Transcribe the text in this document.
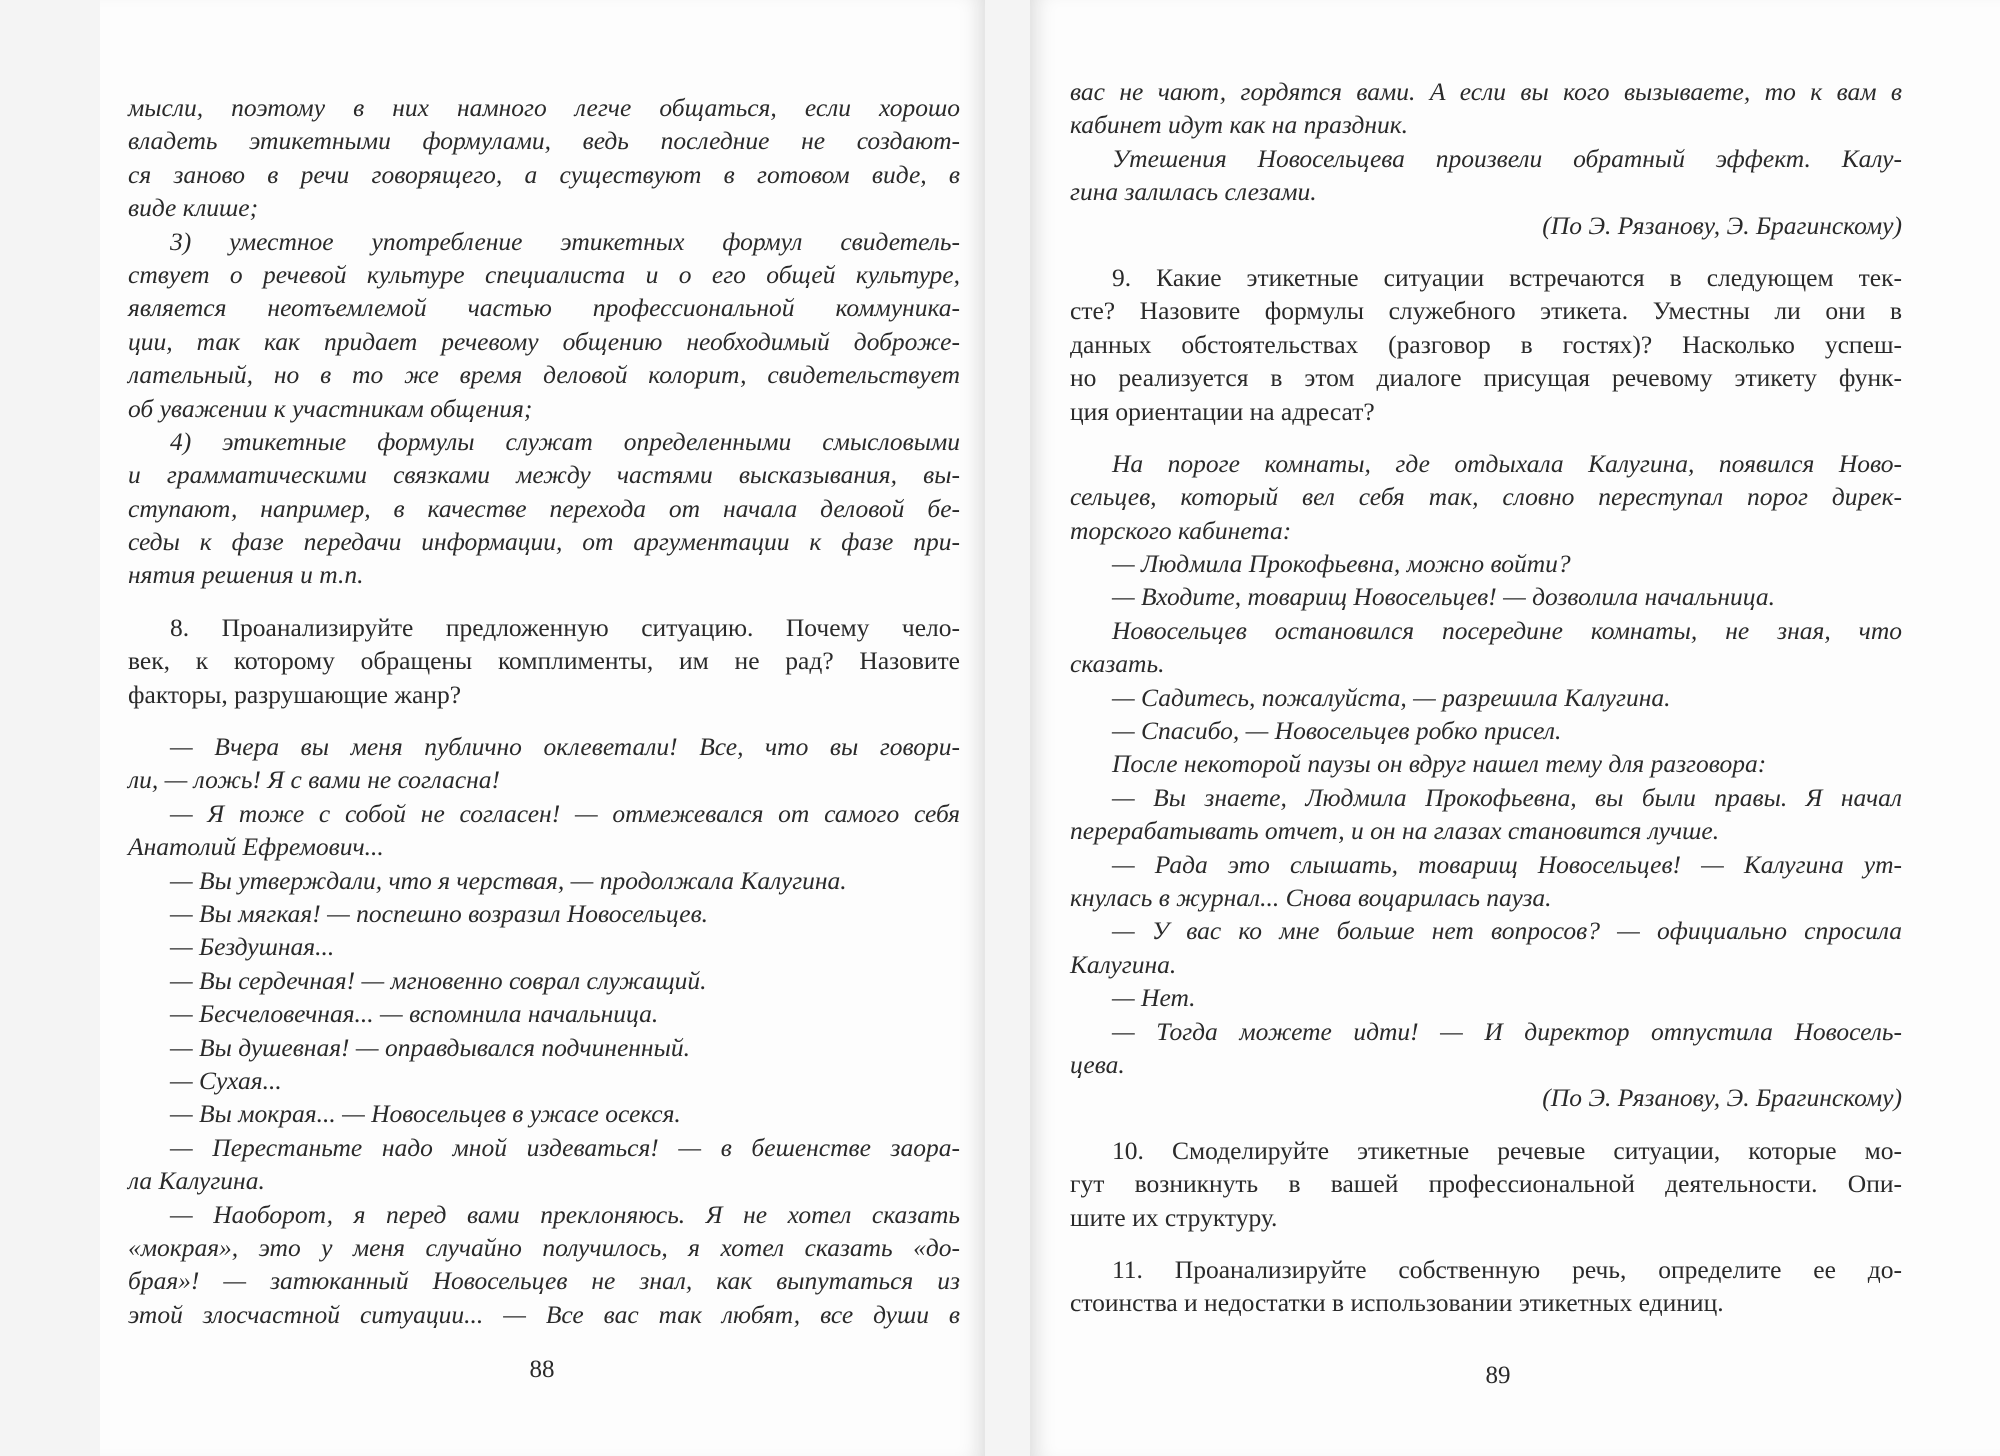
мысли, поэтому в них намного легче общаться, если хорошо
владеть этикетными формулами, ведь последние не создают-
ся заново в речи говорящего, а существуют в готовом виде, в
виде клише;
3) уместное употребление этикетных формул свидетель-
ствует о речевой культуре специалиста и о его общей культуре,
является неотъемлемой частью профессиональной коммуника-
ции, так как придает речевому общению необходимый доброже-
лательный, но в то же время деловой колорит, свидетельствует
об уважении к участникам общения;
4) этикетные формулы служат определенными смысловыми
и грамматическими связками между частями высказывания, вы-
ступают, например, в качестве перехода от начала деловой бе-
седы к фазе передачи информации, от аргументации к фазе при-
нятия решения и т.п.
8. Проанализируйте предложенную ситуацию. Почему чело-
век, к которому обращены комплименты, им не рад? Назовите
факторы, разрушающие жанр?
— Вчера вы меня публично оклеветали! Все, что вы говори-
ли, — ложь! Я с вами не согласна!
— Я тоже с собой не согласен! — отмежевался от самого себя
Анатолий Ефремович...
— Вы утверждали, что я черствая, — продолжала Калугина.
— Вы мягкая! — поспешно возразил Новосельцев.
— Бездушная...
— Вы сердечная! — мгновенно соврал служащий.
— Бесчеловечная... — вспомнила начальница.
— Вы душевная! — оправдывался подчиненный.
— Сухая...
— Вы мокрая... — Новосельцев в ужасе осекся.
— Перестаньте надо мной издеваться! — в бешенстве заора-
ла Калугина.
— Наоборот, я перед вами преклоняюсь. Я не хотел сказать
«мокрая», это у меня случайно получилось, я хотел сказать «до-
брая»! — затюканный Новосельцев не знал, как выпутаться из
этой злосчастной ситуации... — Все вас так любят, все души в
88
вас не чают, гордятся вами. А если вы кого вызываете, то к вам в
кабинет идут как на праздник.
Утешения Новосельцева произвели обратный эффект. Калу-
гина залилась слезами.
(По Э. Рязанову, Э. Брагинскому)
9. Какие этикетные ситуации встречаются в следующем тек-
сте? Назовите формулы служебного этикета. Уместны ли они в
данных обстоятельствах (разговор в гостях)? Насколько успеш-
но реализуется в этом диалоге присущая речевому этикету функ-
ция ориентации на адресат?
На пороге комнаты, где отдыхала Калугина, появился Ново-
сельцев, который вел себя так, словно переступал порог дирек-
торского кабинета:
— Людмила Прокофьевна, можно войти?
— Входите, товарищ Новосельцев! — дозволила начальница.
Новосельцев остановился посередине комнаты, не зная, что
сказать.
— Садитесь, пожалуйста, — разрешила Калугина.
— Спасибо, — Новосельцев робко присел.
После некоторой паузы он вдруг нашел тему для разговора:
— Вы знаете, Людмила Прокофьевна, вы были правы. Я начал
перерабатывать отчет, и он на глазах становится лучше.
— Рада это слышать, товарищ Новосельцев! — Калугина ут-
кнулась в журнал... Снова воцарилась пауза.
— У вас ко мне больше нет вопросов? — официально спросила
Калугина.
— Нет.
— Тогда можете идти! — И директор отпустила Новосель-
цева.
(По Э. Рязанову, Э. Брагинскому)
10. Смоделируйте этикетные речевые ситуации, которые мо-
гут возникнуть в вашей профессиональной деятельности. Опи-
шите их структуру.
11. Проанализируйте собственную речь, определите ее до-
стоинства и недостатки в использовании этикетных единиц.
89
